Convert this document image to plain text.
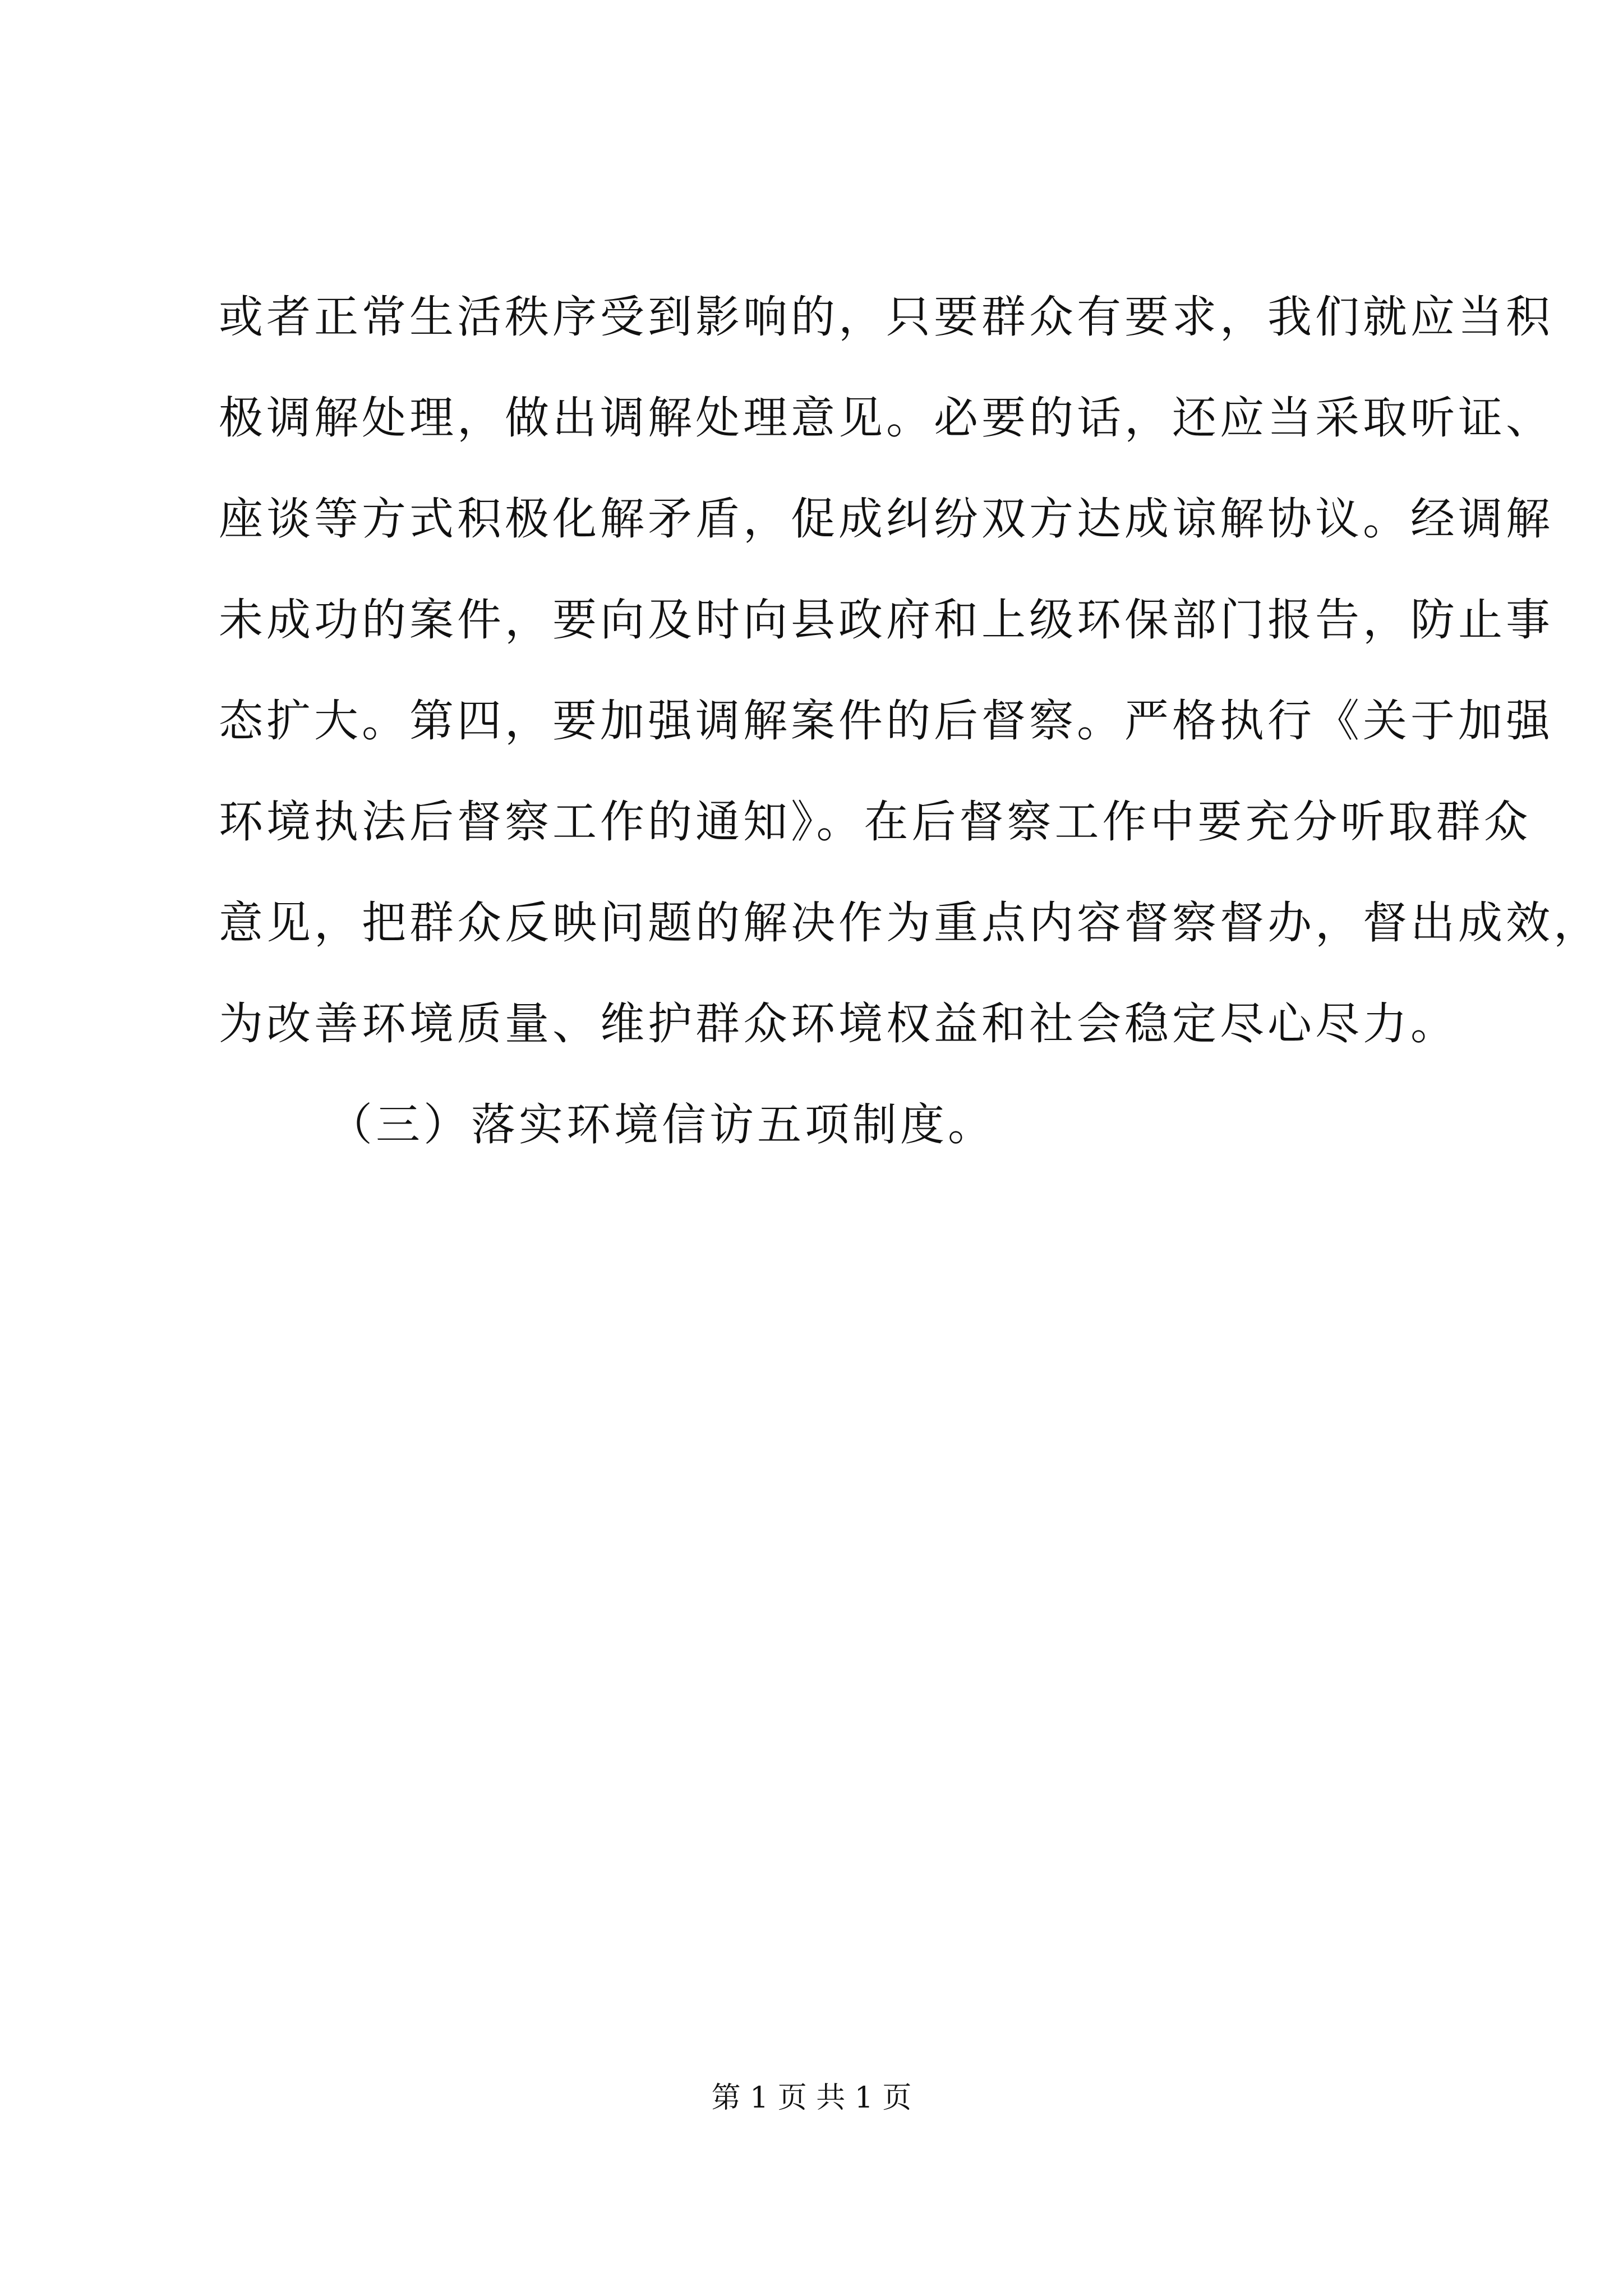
或者正常生活秩序受到影响的，只要群众有要求，我们就应当积
极调解处理，做出调解处理意见。必要的话，还应当采取听证、
座谈等方式积极化解矛盾，促成纠纷双方达成谅解协议。经调解
未成功的案件，要向及时向县政府和上级环保部门报告，防止事
态扩大。第四，要加强调解案件的后督察。严格执行《关于加强
环境执法后督察工作的通知》。在后督察工作中要充分听取群众
意见，把群众反映问题的解决作为重点内容督察督办，督出成效，
为改善环境质量、维护群众环境权益和社会稳定尽心尽力。
（三）落实环境信访五项制度。
第 1 页 共 1 页
